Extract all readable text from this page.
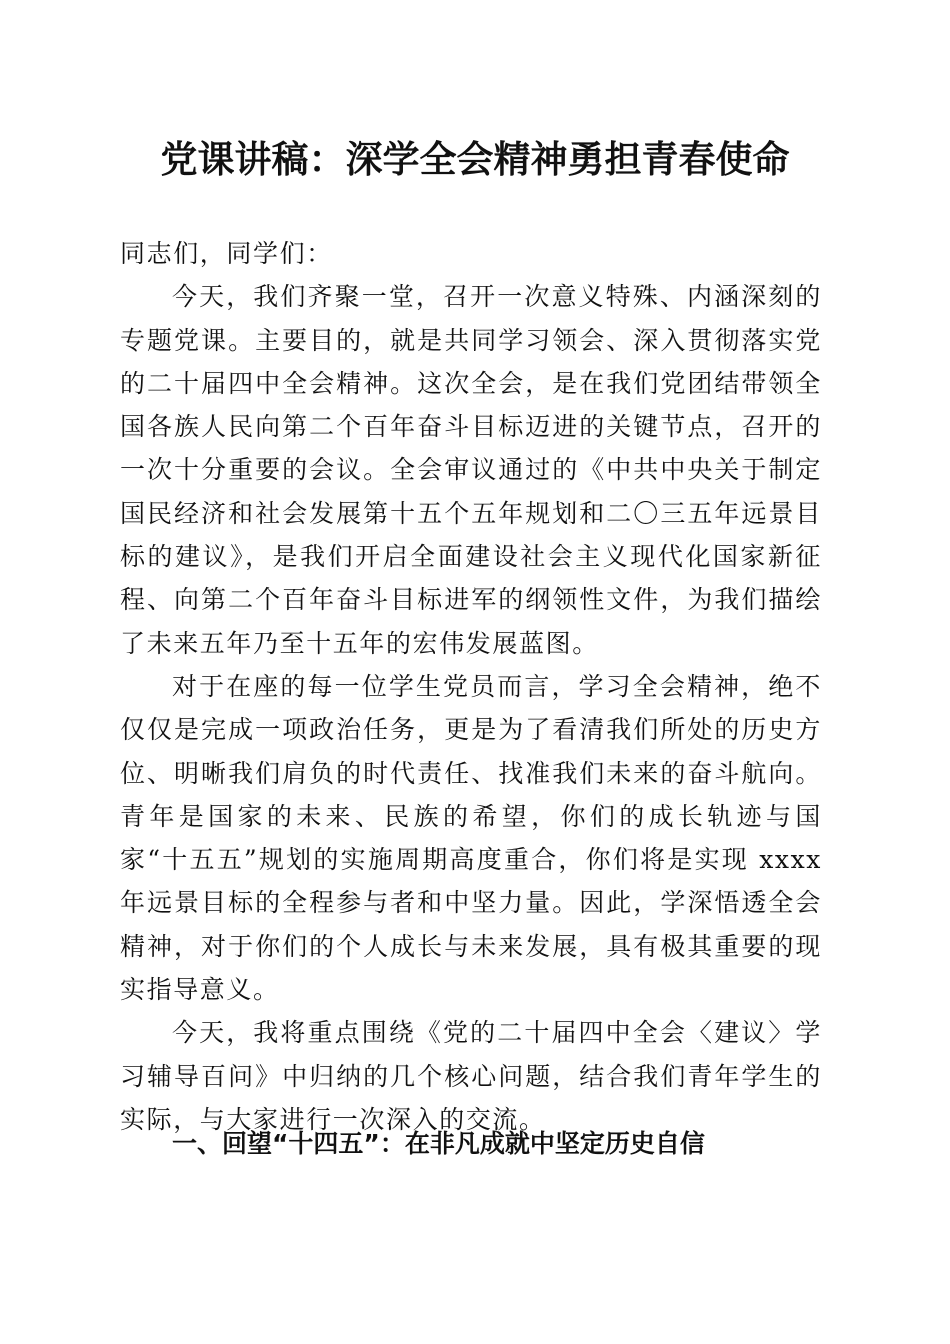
党课讲稿：深学全会精神勇担青春使命

同志们，同学们：

今天，我们齐聚一堂，召开一次意义特殊、内涵深刻的专题党课。主要目的，就是共同学习领会、深入贯彻落实党的二十届四中全会精神。这次全会，是在我们党团结带领全国各族人民向第二个百年奋斗目标迈进的关键节点，召开的一次十分重要的会议。全会审议通过的《中共中央关于制定国民经济和社会发展第十五个五年规划和二〇三五年远景目标的建议》，是我们开启全面建设社会主义现代化国家新征程、向第二个百年奋斗目标进军的纲领性文件，为我们描绘了未来五年乃至十五年的宏伟发展蓝图。

对于在座的每一位学生党员而言，学习全会精神，绝不仅仅是完成一项政治任务，更是为了看清我们所处的历史方位、明晰我们肩负的时代责任、找准我们未来的奋斗航向。青年是国家的未来、民族的希望，你们的成长轨迹与国家“十五五”规划的实施周期高度重合，你们将是实现 xxxx 年远景目标的全程参与者和中坚力量。因此，学深悟透全会精神，对于你们的个人成长与未来发展，具有极其重要的现实指导意义。

今天，我将重点围绕《党的二十届四中全会〈建议〉学习辅导百问》中归纳的几个核心问题，结合我们青年学生的实际，与大家进行一次深入的交流。

一、回望“十四五”：在非凡成就中坚定历史自信
